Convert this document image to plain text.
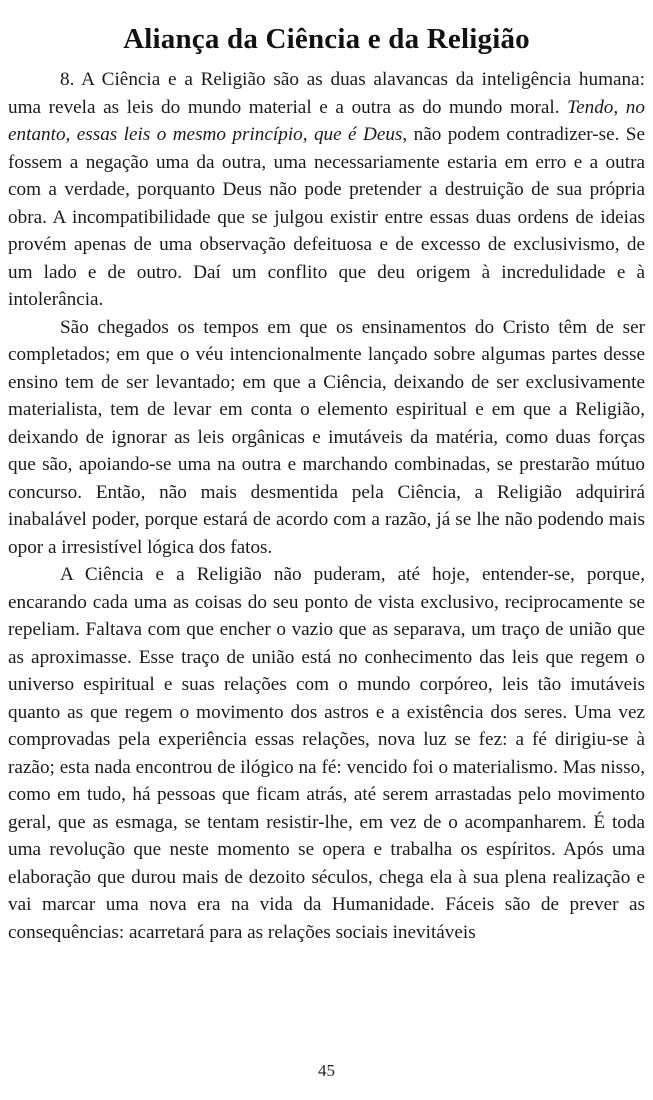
Aliança da Ciência e da Religião

8. A Ciência e a Religião são as duas alavancas da inteligência humana: uma revela as leis do mundo material e a outra as do mundo moral. Tendo, no entanto, essas leis o mesmo princípio, que é Deus, não podem contradizer-se. Se fossem a negação uma da outra, uma necessariamente estaria em erro e a outra com a verdade, porquanto Deus não pode pretender a destruição de sua própria obra. A incompatibilidade que se julgou existir entre essas duas ordens de ideias provém apenas de uma observação defeituosa e de excesso de exclusivismo, de um lado e de outro. Daí um conflito que deu origem à incredulidade e à intolerância.

São chegados os tempos em que os ensinamentos do Cristo têm de ser completados; em que o véu intencionalmente lançado sobre algumas partes desse ensino tem de ser levantado; em que a Ciência, deixando de ser exclusivamente materialista, tem de levar em conta o elemento espiritual e em que a Religião, deixando de ignorar as leis orgânicas e imutáveis da matéria, como duas forças que são, apoiando-se uma na outra e marchando combinadas, se prestarão mútuo concurso. Então, não mais desmentida pela Ciência, a Religião adquirirá inabalável poder, porque estará de acordo com a razão, já se lhe não podendo mais opor a irresistível lógica dos fatos.

A Ciência e a Religião não puderam, até hoje, entender-se, porque, encarando cada uma as coisas do seu ponto de vista exclusivo, reciprocamente se repeliam. Faltava com que encher o vazio que as separava, um traço de união que as aproximasse. Esse traço de união está no conhecimento das leis que regem o universo espiritual e suas relações com o mundo corpóreo, leis tão imutáveis quanto as que regem o movimento dos astros e a existência dos seres. Uma vez comprovadas pela experiência essas relações, nova luz se fez: a fé dirigiu-se à razão; esta nada encontrou de ilógico na fé: vencido foi o materialismo. Mas nisso, como em tudo, há pessoas que ficam atrás, até serem arrastadas pelo movimento geral, que as esmaga, se tentam resistir-lhe, em vez de o acompanharem. É toda uma revolução que neste momento se opera e trabalha os espíritos. Após uma elaboração que durou mais de dezoito séculos, chega ela à sua plena realização e vai marcar uma nova era na vida da Humanidade. Fáceis são de prever as consequências: acarretará para as relações sociais inevitáveis

45
